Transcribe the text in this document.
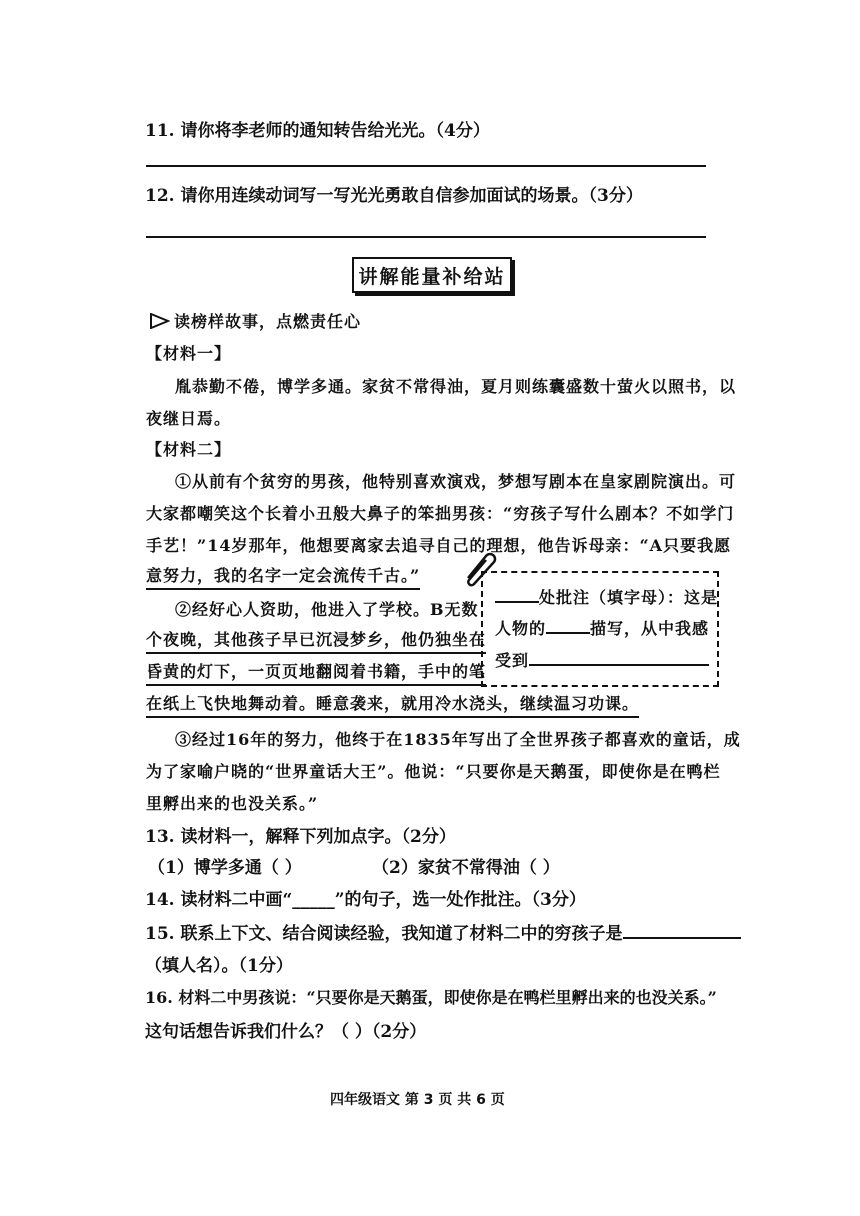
11. 请你将李老师的通知转告给光光。（4分）
12. 请你用连续动词写一写光光勇敢自信参加面试的场景。（3分）
讲解能量补给站
读榜样故事，点燃责任心
【材料一】
胤恭勤不倦，博学多通。家贫不常得油，夏月则练囊盛数十萤火以照书，以
夜继日焉。
【材料二】
①从前有个贫穷的男孩，他特别喜欢演戏，梦想写剧本在皇家剧院演出。可
大家都嘲笑这个长着小丑般大鼻子的笨拙男孩：“穷孩子写什么剧本？不如学门
手艺！”14岁那年，他想要离家去追寻自己的理想，他告诉母亲：“A只要我愿
意努力，我的名字一定会流传千古。”
②经好心人资助，他进入了学校。B无数
个夜晚，其他孩子早已沉浸梦乡，他仍独坐在
昏黄的灯下，一页页地翻阅着书籍，手中的笔
在纸上飞快地舞动着。睡意袭来，就用冷水浇头，继续温习功课。
处批注（填字母）：这是
人物的	描写，从中我感
受到
③经过16年的努力，他终于在1835年写出了全世界孩子都喜欢的童话，成
为了家喻户晓的“世界童话大王”。他说：“只要你是天鹅蛋，即使你是在鸭栏
里孵出来的也没关系。”
13. 读材料一，解释下列加点字。（2分）
（1）博学多通（ ）	（2）家贫不常得油（ ）
14. 读材料二中画“_____”的句子，选一处作批注。（3分）
15. 联系上下文、结合阅读经验，我知道了材料二中的穷孩子是
（填人名）。（1分）
16. 材料二中男孩说：“只要你是天鹅蛋，即使你是在鸭栏里孵出来的也没关系。”
这句话想告诉我们什么？（ ）（2分）
四年级语文 第 3 页 共 6 页
